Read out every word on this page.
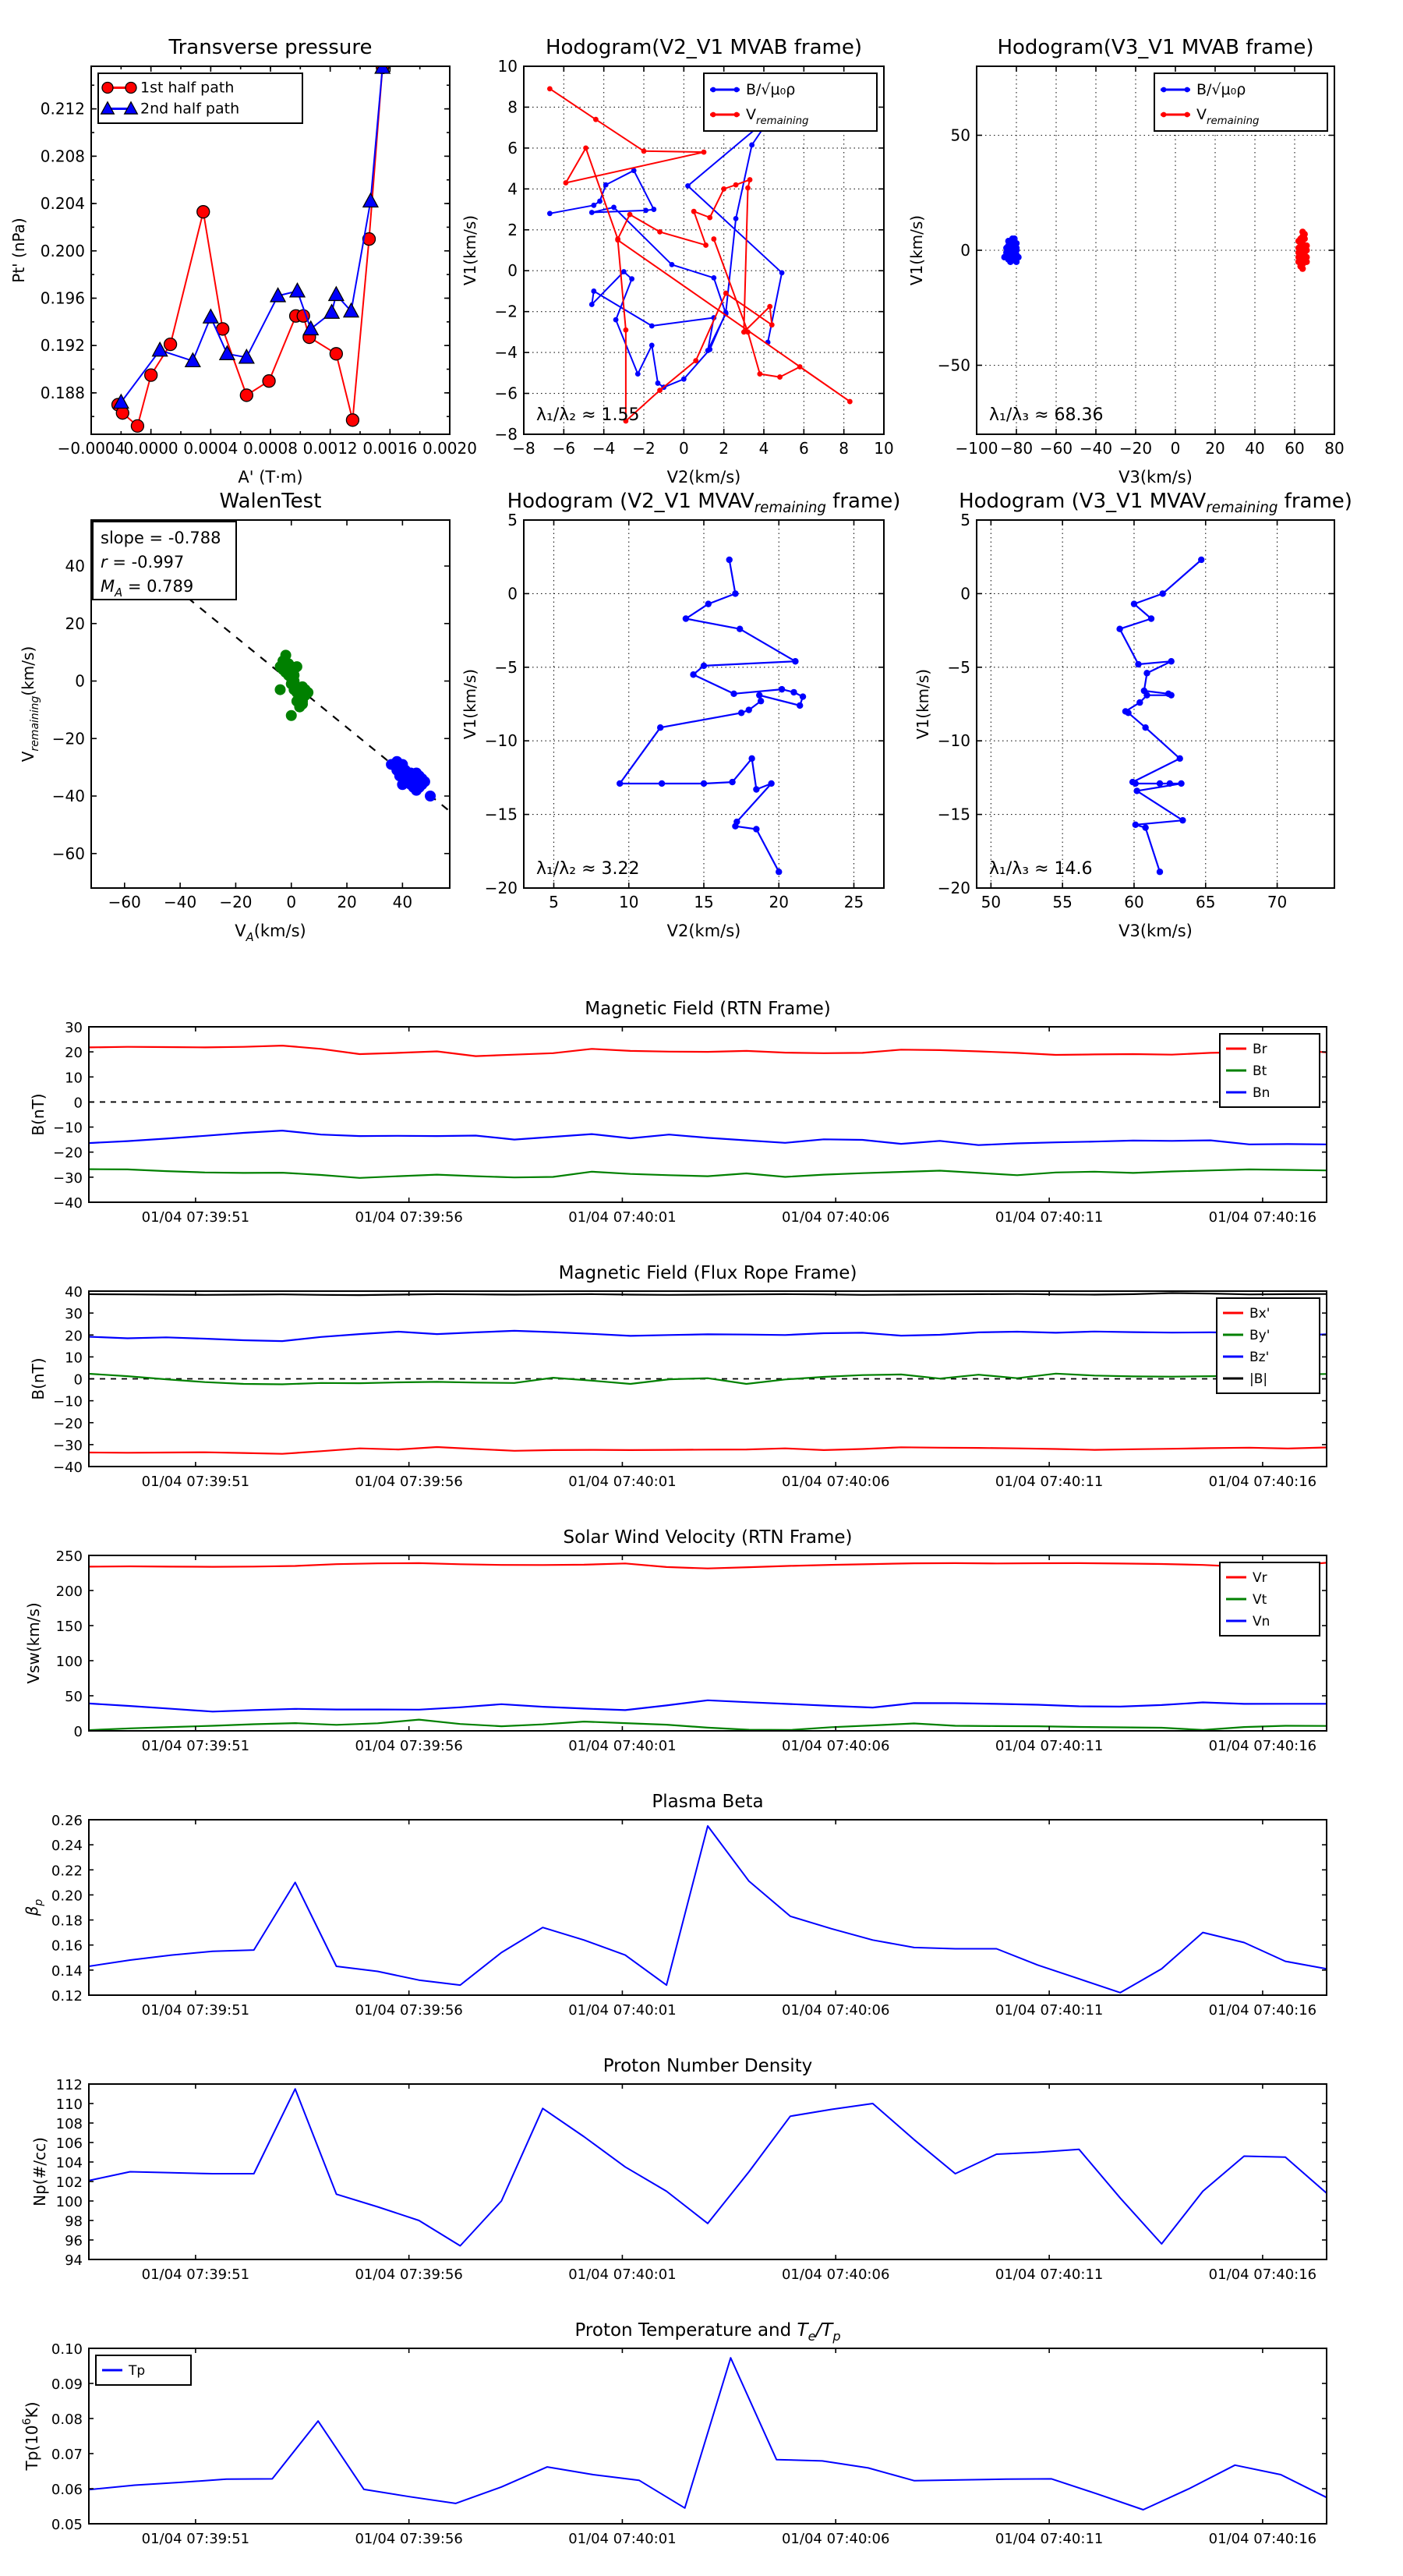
−0.0004
0.0000 0.0004 0.0008 0.0012 0.0016 0.0020
0.188
0.192
0.196
0.200
0.204
0.208
0.212
Transverse pressure
A' (T·m)
Pt' (nPa)
1st half path
2nd half path
−8 −6 −4 −2 0 2 4 6 8 10
−8
−6
−4
−2
0
2
4
6
8
10
Hodogram(V2_V1 MVAB frame)
V2(km/s)
V1(km/s)
λ₁/λ₂ ≈ 1.55
B/√μ₀ρ
$V_{remaining}$
−100 −80 −60 −40 −20 0 20 40 60 80
−50
0
50
Hodogram(V3_V1 MVAB frame)
V3(km/s)
V1(km/s)
λ₁/λ₃ ≈ 68.36
B/√μ₀ρ
$V_{remaining}$
−60 −40 −20 0	20 40
−60
−40
−20
0
20
40
WalenTest
$V_A(km/s)$
$V_{remaining}(km/s)$
slope = -0.788
r = -0.997
$M_A = 0.789$
5	10	15	20	25
−20
−15
−10
−5
0
5
Hodogram (V2_V1 $MVAV_{remaining}$ frame)
V2(km/s)
V1(km/s)
λ₁/λ₂ ≈ 3.22
50	55	60	65	70
−20
−15
−10
−5
0
5
Hodogram (V3_V1 $MVAV_{remaining}$ frame)
V3(km/s)
V1(km/s)
λ₁/λ₃ ≈ 14.6
01/04 07:39:51	01/04 07:39:56	01/04 07:40:01	01/04 07:40:06	01/04 07:40:11	01/04 07:40:16
−40
−30
−20
−10
0
10
20
30
Magnetic Field (RTN Frame)
B(nT)
Br
Bt
Bn
01/04 07:39:51	01/04 07:39:56	01/04 07:40:01	01/04 07:40:06	01/04 07:40:11	01/04 07:40:16
−40
−30
−20
−10
0
10
20
30
40
Magnetic Field (Flux Rope Frame)
B(nT)
Bx'
By'
Bz'
|B|
01/04 07:39:51	01/04 07:39:56	01/04 07:40:01	01/04 07:40:06	01/04 07:40:11	01/04 07:40:16
0
50
100
150
200
250
Solar Wind Velocity (RTN Frame)
Vsw(km/s)
Vr
Vt
Vn
01/04 07:39:51	01/04 07:39:56	01/04 07:40:01	01/04 07:40:06	01/04 07:40:11	01/04 07:40:16
0.12
0.14
0.16
0.18
0.20
0.22
0.24
0.26
Plasma Beta
$\beta_p$
01/04 07:39:51	01/04 07:39:56	01/04 07:40:01	01/04 07:40:06	01/04 07:40:11	01/04 07:40:16
94
96
98
100
102
104
106
108
110
112
Proton Number Density
Np(#/cc)
01/04 07:39:51	01/04 07:39:56	01/04 07:40:01	01/04 07:40:06	01/04 07:40:11	01/04 07:40:16
0.05
0.06
0.07
0.08
0.09
0.10
Proton Temperature and $T_e/T_p$
$Tp(10^6K)$
Tp
